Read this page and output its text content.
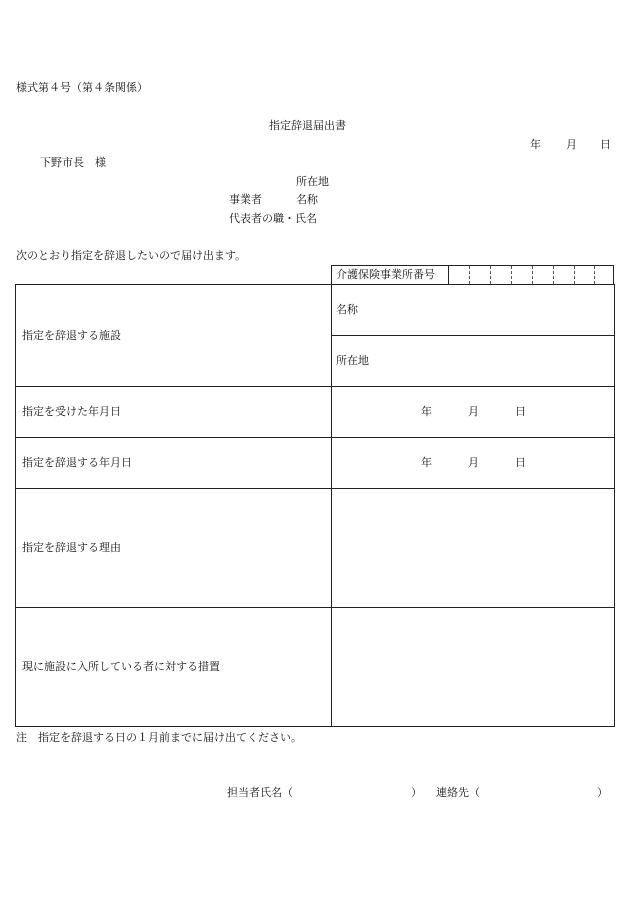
様式第４号（第４条関係）
指定辞退届出書
年 月 日
下野市長　様
所在地
事業者	名称
代表者の職・氏名
次のとおり指定を辞退したいので届け出ます。
介護保険事業所番号
指定を辞退する施設
名称
所在地
指定を受けた年月日	年	月	日
指定を辞退する年月日	年	月	日
指定を辞退する理由
現に施設に入所している者に対する措置
注　指定を辞退する日の１月前までに届け出てください。
担当者氏名（	） 連絡先（	）
